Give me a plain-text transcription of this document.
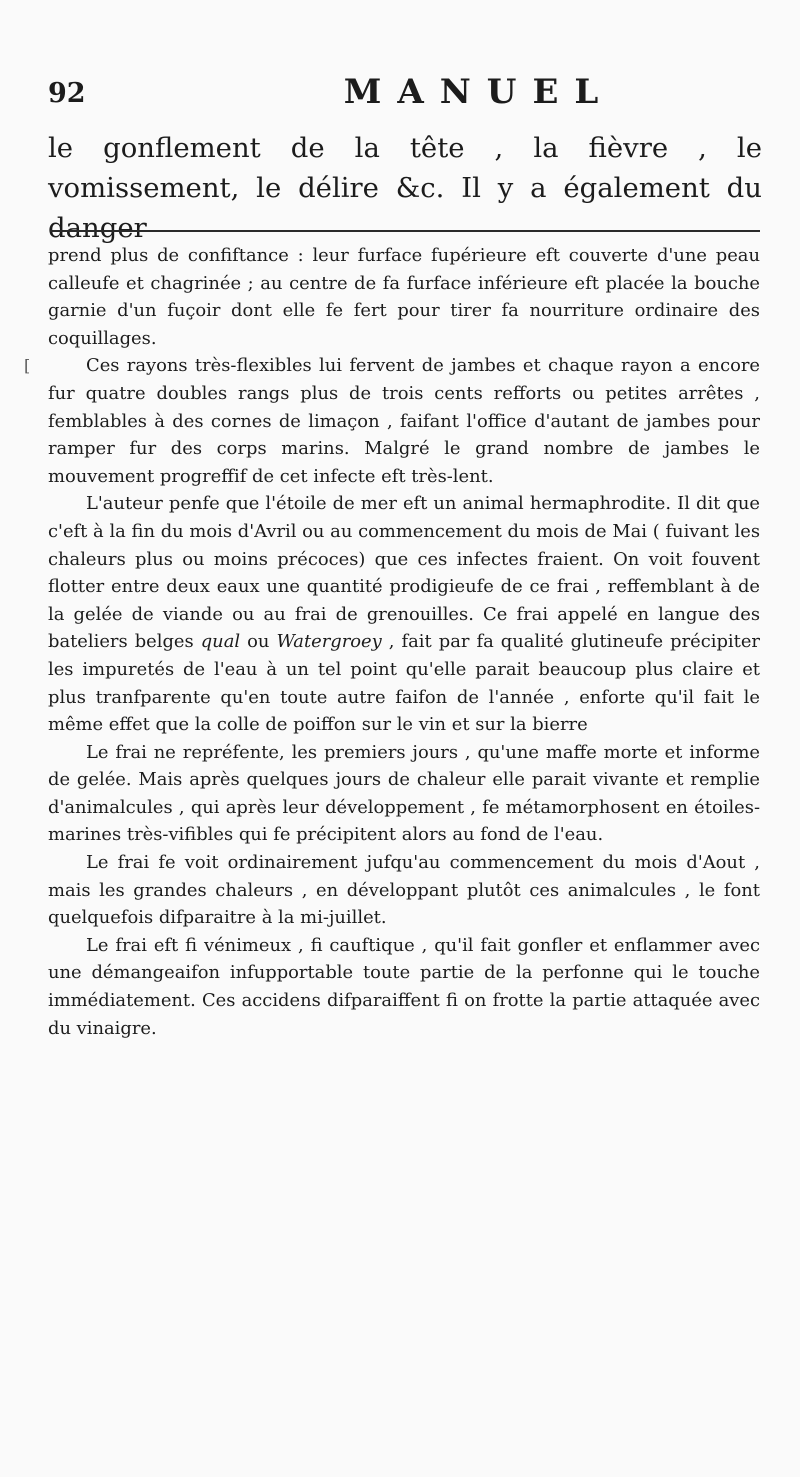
92	MANUEL
le gonflement de la tête , la fièvre , le vomissement, le délire &c. Il y a également du danger
[

prend plus de confiftance : leur furface fupérieure eft couverte d'une peau calleufe et chagrinée ; au centre de fa furface inférieure eft placée la bouche garnie d'un fuçoir dont elle fe fert pour tirer fa nourriture ordinaire des coquillages.

Ces rayons très-flexibles lui fervent de jambes et chaque rayon a encore fur quatre doubles rangs plus de trois cents refforts ou petites arrêtes , femblables à des cornes de limaçon , faifant l'office d'autant de jambes pour ramper fur des corps marins. Malgré le grand nombre de jambes le mouvement progreffif de cet infecte eft très-lent.

L'auteur penfe que l'étoile de mer eft un animal hermaphrodite. Il dit que c'eft à la fin du mois d'Avril ou au commencement du mois de Mai ( fuivant les chaleurs plus ou moins précoces) que ces infectes fraient. On voit fouvent flotter entre deux eaux une quantité prodigieufe de ce frai , reffemblant à de la gelée de viande ou au frai de grenouilles. Ce frai appelé en langue des bateliers belges qual ou Watergroey , fait par fa qualité glutineufe précipiter les impuretés de l'eau à un tel point qu'elle parait beaucoup plus claire et plus tranfparente qu'en toute autre faifon de l'année , enforte qu'il fait le même effet que la colle de poiffon sur le vin et sur la bierre

Le frai ne repréfente, les premiers jours , qu'une maffe morte et informe de gelée. Mais après quelques jours de chaleur elle parait vivante et remplie d'animalcules , qui après leur développement , fe métamorphosent en étoiles-marines très-vifibles qui fe précipitent alors au fond de l'eau.

Le frai fe voit ordinairement jufqu'au commencement du mois d'Aout , mais les grandes chaleurs , en développant plutôt ces animalcules , le font quelquefois difparaitre à la mi-juillet.

Le frai eft fi vénimeux , fi cauftique , qu'il fait gonfler et enflammer avec une démangeaifon infupportable toute partie de la perfonne qui le touche immédiatement. Ces accidens difparaiffent fi on frotte la partie attaquée avec du vinaigre.
